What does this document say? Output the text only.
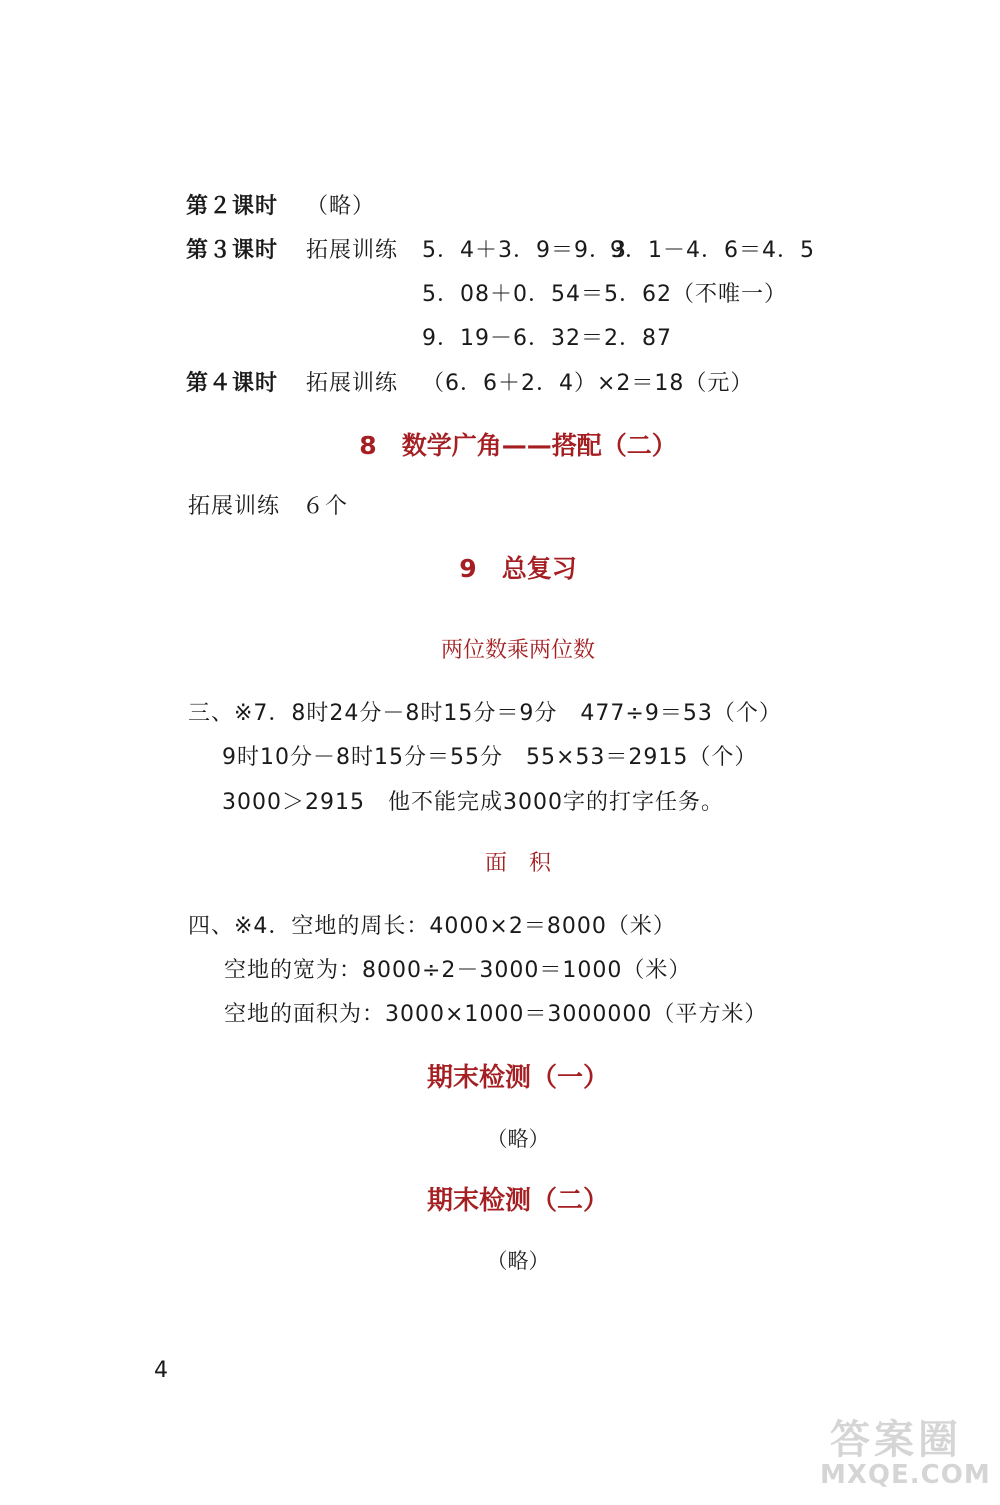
第２课时 （略）
第３课时 拓展训练 5．4＋3．9＝9．3
9．1－4．6＝4．5
5．08＋0．54＝5．62（不唯一）
9．19－6．32＝2．87
第４课时 拓展训练 （6．6＋2．4）×2＝18（元）
8　数学广角——搭配（二）
拓展训练 ６个
9　总复习
两位数乘两位数
三、※7．8时24分－8时15分＝9分　477÷9＝53（个）
9时10分－8时15分＝55分　55×53＝2915（个）
3000＞2915　他不能完成3000字的打字任务。
面　积
四、※4．空地的周长：4000×2＝8000（米）
空地的宽为：8000÷2－3000＝1000（米）
空地的面积为：3000×1000＝3000000（平方米）
期末检测（一）
（略）
期末检测（二）
（略）
4
答案圈
MXQE.COM
